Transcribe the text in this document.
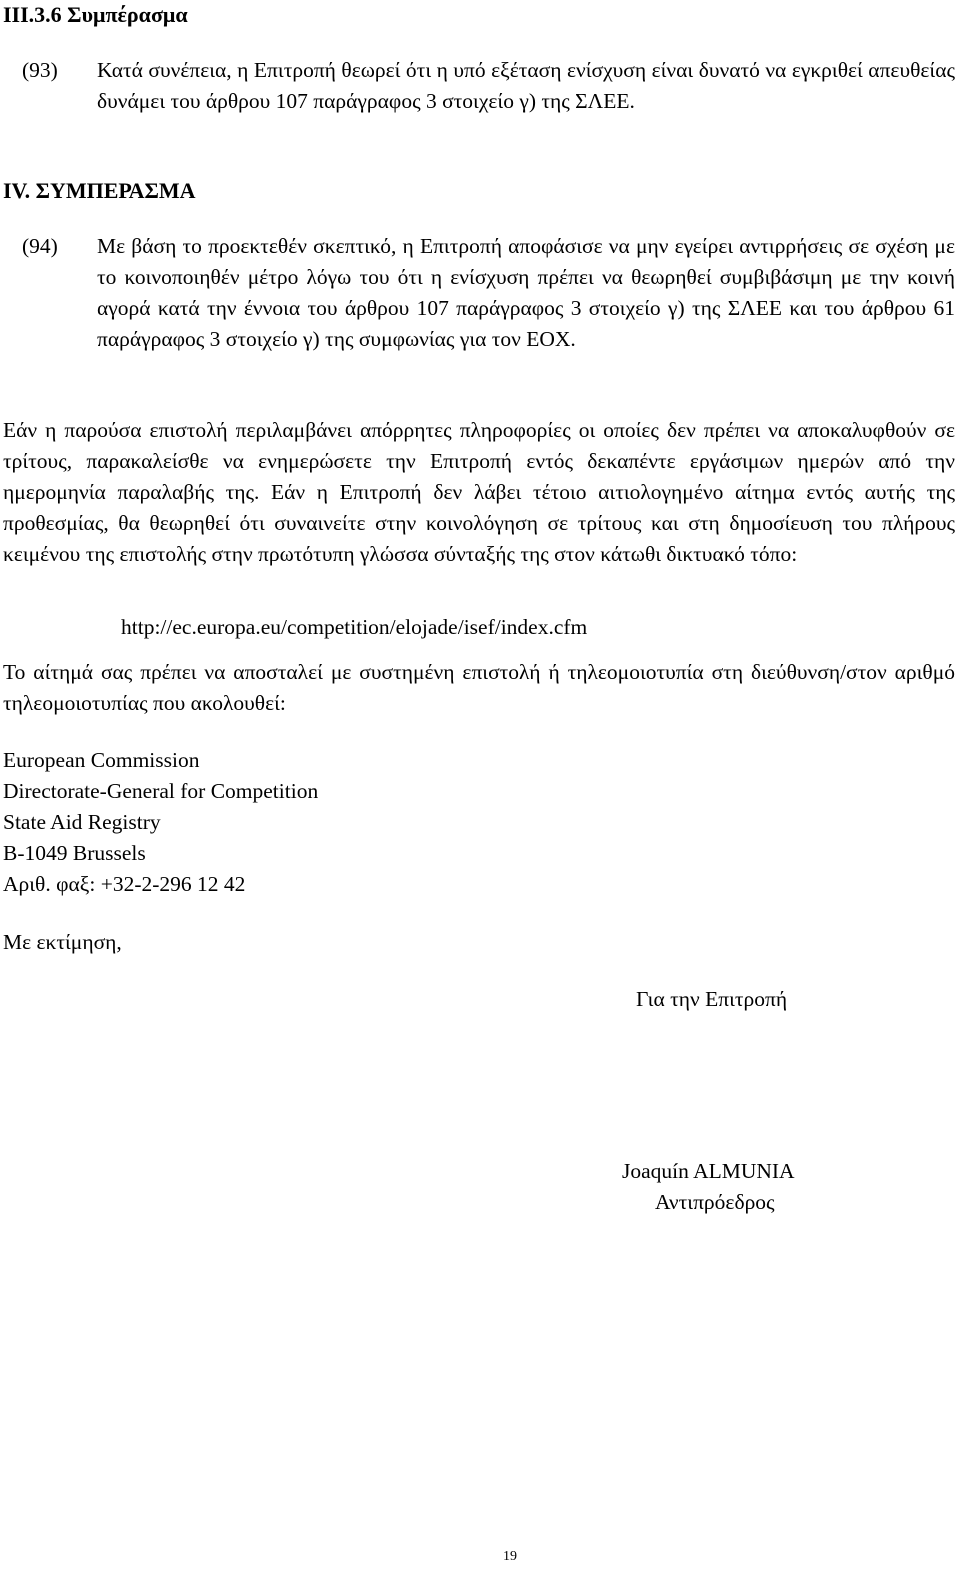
III.3.6 Συμπέρασμα
(93) Κατά συνέπεια, η Επιτροπή θεωρεί ότι η υπό εξέταση ενίσχυση είναι δυνατό να εγκριθεί απευθείας δυνάμει του άρθρου 107 παράγραφος 3 στοιχείο γ) της ΣΛΕΕ.
IV. ΣΥΜΠΕΡΑΣΜΑ
(94) Με βάση το προεκτεθέν σκεπτικό, η Επιτροπή αποφάσισε να μην εγείρει αντιρρήσεις σε σχέση με το κοινοποιηθέν μέτρο λόγω του ότι η ενίσχυση πρέπει να θεωρηθεί συμβιβάσιμη με την κοινή αγορά κατά την έννοια του άρθρου 107 παράγραφος 3 στοιχείο γ) της ΣΛΕΕ και του άρθρου 61 παράγραφος 3 στοιχείο γ) της συμφωνίας για τον ΕΟΧ.
Εάν η παρούσα επιστολή περιλαμβάνει απόρρητες πληροφορίες οι οποίες δεν πρέπει να αποκαλυφθούν σε τρίτους, παρακαλείσθε να ενημερώσετε την Επιτροπή εντός δεκαπέντε εργάσιμων ημερών από την ημερομηνία παραλαβής της. Εάν η Επιτροπή δεν λάβει τέτοιο αιτιολογημένο αίτημα εντός αυτής της προθεσμίας, θα θεωρηθεί ότι συναινείτε στην κοινολόγηση σε τρίτους και στη δημοσίευση του πλήρους κειμένου της επιστολής στην πρωτότυπη γλώσσα σύνταξής της στον κάτωθι δικτυακό τόπο:
http://ec.europa.eu/competition/elojade/isef/index.cfm
Το αίτημά σας πρέπει να αποσταλεί με συστημένη επιστολή ή τηλεομοιοτυπία στη διεύθυνση/στον αριθμό τηλεομοιοτυπίας που ακολουθεί:
European Commission
Directorate-General for Competition
State Aid Registry
B-1049 Brussels
Αριθ. φαξ: +32-2-296 12 42
Με εκτίμηση,
Για την Επιτροπή
Joaquín ALMUNIA
Αντιπρόεδρος
19
